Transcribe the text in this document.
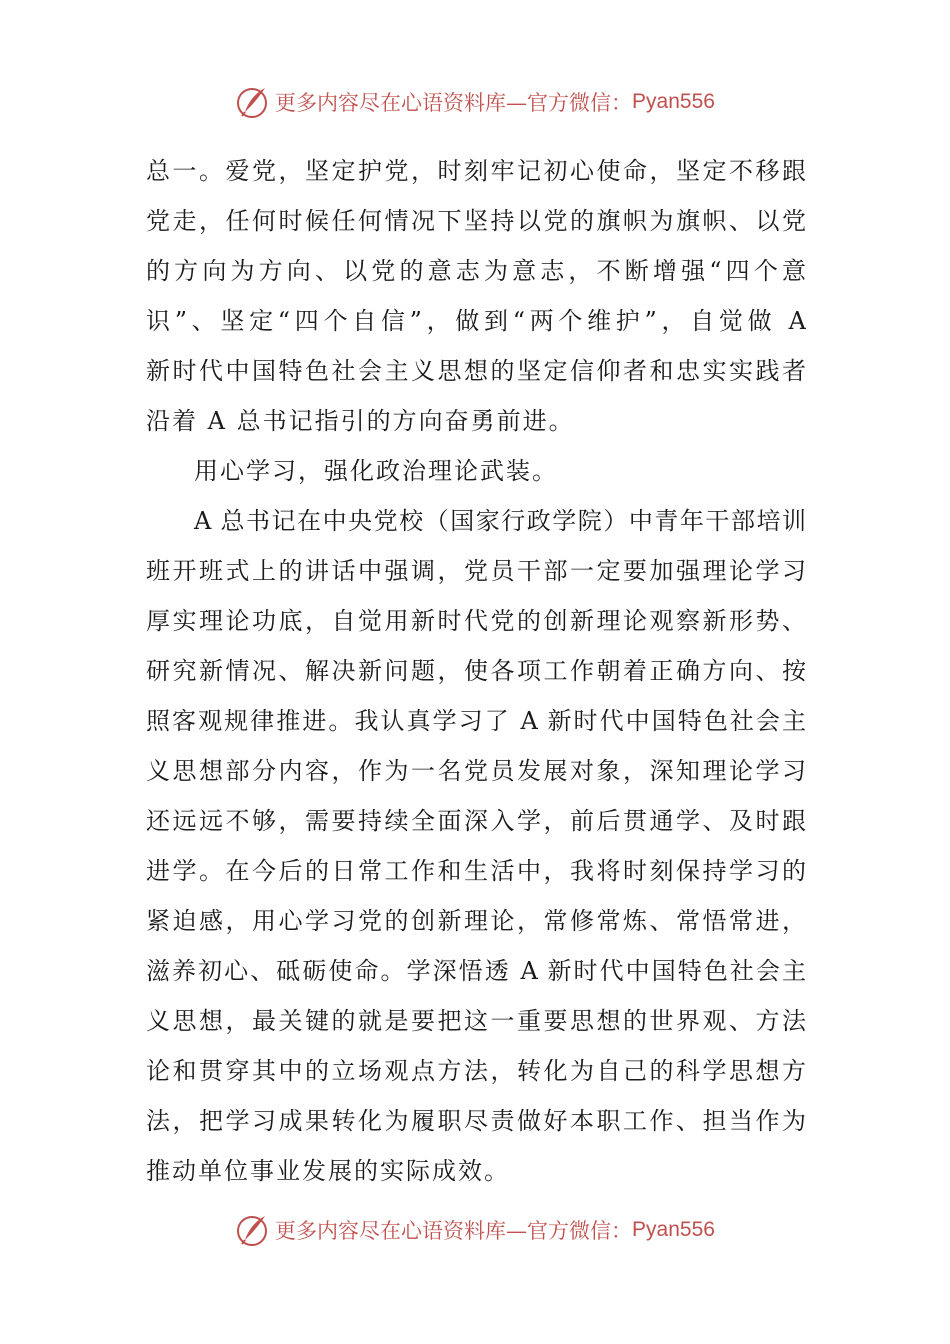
更多内容尽在心语资料库—官方微信： Pyan556
总一。爱党，坚定护党，时刻牢记初心使命，坚定不移跟
党走，任何时候任何情况下坚持以党的旗帜为旗帜、以党
的方向为方向、以党的意志为意志，不断增强“四个意
识”、坚定“四个自信”，做到“两个维护”，自觉做 A
新时代中国特色社会主义思想的坚定信仰者和忠实实践者
沿着 A 总书记指引的方向奋勇前进。
用心学习，强化政治理论武装。
A 总书记在中央党校（国家行政学院）中青年干部培训
班开班式上的讲话中强调，党员干部一定要加强理论学习
厚实理论功底，自觉用新时代党的创新理论观察新形势、
研究新情况、解决新问题，使各项工作朝着正确方向、按
照客观规律推进。我认真学习了 A 新时代中国特色社会主
义思想部分内容，作为一名党员发展对象，深知理论学习
还远远不够，需要持续全面深入学，前后贯通学、及时跟
进学。在今后的日常工作和生活中，我将时刻保持学习的
紧迫感，用心学习党的创新理论，常修常炼、常悟常进，
滋养初心、砥砺使命。学深悟透 A 新时代中国特色社会主
义思想，最关键的就是要把这一重要思想的世界观、方法
论和贯穿其中的立场观点方法，转化为自己的科学思想方
法，把学习成果转化为履职尽责做好本职工作、担当作为
推动单位事业发展的实际成效。
更多内容尽在心语资料库—官方微信： Pyan556
